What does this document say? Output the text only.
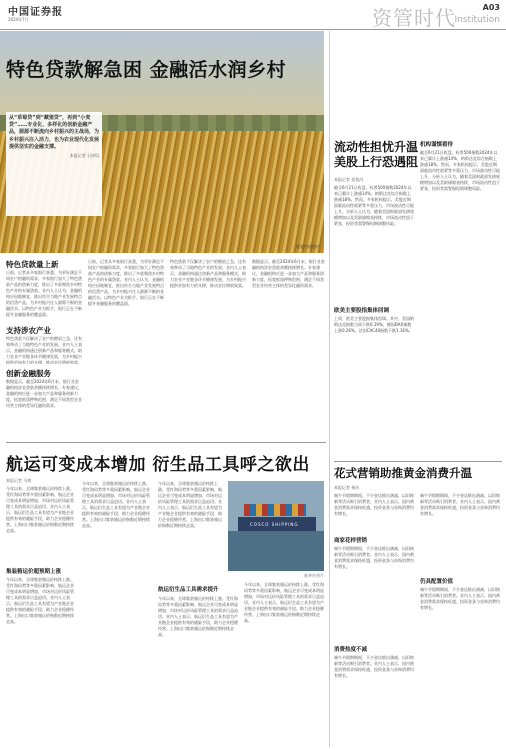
中国证券报
2024年7月	资管时代	A03
Institution
特色贷款解急困 金融活水润乡村
视觉中国图片

从“草莓贷”到“藏猪贷”，再到“小麦贷”……专业化、多样化的创新金融产品，源源不断流向乡村振兴的主战场，为乡村振兴注入活力，也为农业现代化发展提供坚实的金融支撑。

本报记者 石诗语
特色贷款量上新
日前，记者从多家银行获悉，为更好满足不同农户的融资需求，多家银行加大了特色贷款产品的创新力度，推出了多款聚焦乡村特色产业的专属贷款。业内人士认为，金融机构应因地制宜，推出符合当地产业发展特点的信贷产品，为乡村振兴注入源源不断的金融活水。以特色产业为抓手，银行正在不断提升金融服务的覆盖面。
日前，记者从多家银行获悉，为更好满足不同农户的融资需求，多家银行加大了特色贷款产品的创新力度，推出了多款聚焦乡村特色产业的专属贷款。业内人士认为，金融机构应因地制宜，推出符合当地产业发展特点的信贷产品，为乡村振兴注入源源不断的金融活水。以特色产业为抓手，银行正在不断提升金融服务的覆盖面。
特色贷款不仅解决了农户的燃眉之急，还有效带动了当地特色产业的发展。业内人士表示，金融机构通过创新产品和服务模式，助力农业产业链各环节健康发展，为乡村振兴提供更加有力的支撑，推动农民增收致富。
数据显示，截至2024年6月末，银行业金融机构涉农贷款余额持续增长。专家建议，金融机构应进一步加大产品和服务创新力度，拓宽抵质押物范围，满足不同类型农业经营主体的差异化融资需求。
支持涉农产业
特色贷款不仅解决了农户的燃眉之急，还有效带动了当地特色产业的发展。业内人士表示，金融机构通过创新产品和服务模式，助力农业产业链各环节健康发展，为乡村振兴提供更加有力的支撑，推动农民增收致富。
创新金融服务
数据显示，截至2024年6月末，银行业金融机构涉农贷款余额持续增长。专家建议，金融机构应进一步加大产品和服务创新力度，拓宽抵质押物范围，满足不同类型农业经营主体的差异化融资需求。
航运可变成本增加 衍生品工具呼之欲出
本报记者 马爽
今年以来，全球集装箱运价持续上涨。受红海局势等多重因素影响，航运企业可变成本明显增加，市场对运价风险管理工具的需求日益迫切。业内人士表示，航运衍生品工具有望为产业链企业提供有效的避险手段，助力企业稳健经营。上海出口集装箱运价指数近期持续走高。
集装箱运价超预期上涨
今年以来，全球集装箱运价持续上涨。受红海局势等多重因素影响，航运企业可变成本明显增加，市场对运价风险管理工具的需求日益迫切。业内人士表示，航运衍生品工具有望为产业链企业提供有效的避险手段，助力企业稳健经营。上海出口集装箱运价指数近期持续走高。
今年以来，全球集装箱运价持续上涨。受红海局势等多重因素影响，航运企业可变成本明显增加，市场对运价风险管理工具的需求日益迫切。业内人士表示，航运衍生品工具有望为产业链企业提供有效的避险手段，助力企业稳健经营。上海出口集装箱运价指数近期持续走高。
今年以来，全球集装箱运价持续上涨。受红海局势等多重因素影响，航运企业可变成本明显增加，市场对运价风险管理工具的需求日益迫切。业内人士表示，航运衍生品工具有望为产业链企业提供有效的避险手段，助力企业稳健经营。上海出口集装箱运价指数近期持续走高。
航运衍生品工具需求提升
今年以来，全球集装箱运价持续上涨。受红海局势等多重因素影响，航运企业可变成本明显增加，市场对运价风险管理工具的需求日益迫切。业内人士表示，航运衍生品工具有望为产业链企业提供有效的避险手段，助力企业稳健经营。上海出口集装箱运价指数近期持续走高。
今年以来，全球集装箱运价持续上涨。受红海局势等多重因素影响，航运企业可变成本明显增加，市场对运价风险管理工具的需求日益迫切。业内人士表示，航运衍生品工具有望为产业链企业提供有效的避险手段，助力企业稳健经营。上海出口集装箱运价指数近期持续走高。
COSCO SHIPPING
新华社图片
流动性担忧升温
美股上行恐遇阻
本报记者 张枕河
截至6月21日收盘，标普500指数2024年以来已累计上涨逾14%，纳斯达克综合指数上涨逾18%。然而，多家机构提示，美股近期面临流动性收紧等多重压力，市场波动性可能上升。分析人士认为，随着美国财政部发债规模增加以及美联储缩表持续，市场流动性趋于紧张，投资者需警惕短期调整风险。
欧美主要股指集体回调
上周，欧美主要股指集体回调。其中，美国纳斯达克指数当周下跌0.19%，德国DAX指数上涨0.26%，法国CAC40指数下跌1.16%。
机构谨慎看待
截至6月21日收盘，标普500指数2024年以来已累计上涨逾14%，纳斯达克综合指数上涨逾18%。然而，多家机构提示，美股近期面临流动性收紧等多重压力，市场波动性可能上升。分析人士认为，随着美国财政部发债规模增加以及美联储缩表持续，市场流动性趋于紧张，投资者需警惕短期调整风险。
花式营销助推黄金消费升温
本报记者 杨洁
端午节假期期间，不少金店推出满减、以旧换新等活动吸引消费者。业内人士表示，国内黄金消费需求保持旺盛，投资金条与首饰消费均有增长。
商家花样营销
端午节假期期间，不少金店推出满减、以旧换新等活动吸引消费者。业内人士表示，国内黄金消费需求保持旺盛，投资金条与首饰消费均有增长。
消费热度不减
端午节假期期间，不少金店推出满减、以旧换新等活动吸引消费者。业内人士表示，国内黄金消费需求保持旺盛，投资金条与首饰消费均有增长。
端午节假期期间，不少金店推出满减、以旧换新等活动吸引消费者。业内人士表示，国内黄金消费需求保持旺盛，投资金条与首饰消费均有增长。
仍具配置价值
端午节假期期间，不少金店推出满减、以旧换新等活动吸引消费者。业内人士表示，国内黄金消费需求保持旺盛，投资金条与首饰消费均有增长。
